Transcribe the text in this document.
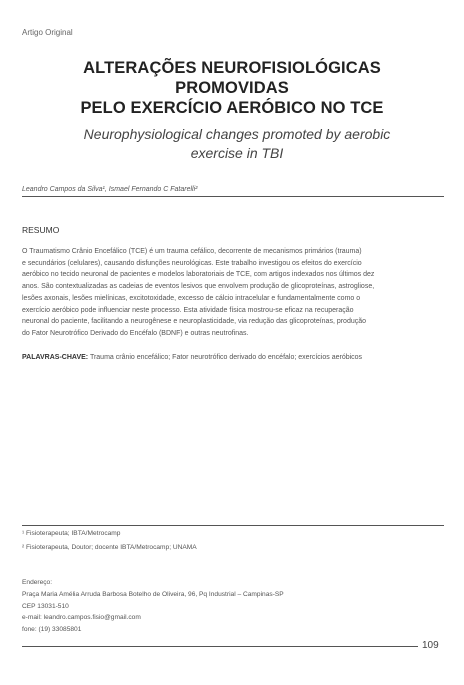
Artigo Original
ALTERAÇÕES NEUROFISIOLÓGICAS PROMOVIDAS
PELO EXERCÍCIO AERÓBICO NO TCE
Neurophysiological changes promoted by aerobic
exercise in TBI
Leandro Campos da Silva¹, Ismael Fernando C Fatarelli²
RESUMO
O Traumatismo Crânio Encefálico (TCE) é um trauma cefálico, decorrente de mecanismos primários (trauma)
e secundários (celulares), causando disfunções neurológicas. Este trabalho investigou os efeitos do exercício
aeróbico no tecido neuronal de pacientes e modelos laboratoriais de TCE, com artigos indexados nos últimos dez
anos. São contextualizadas as cadeias de eventos lesivos que envolvem produção de glicoproteínas, astrogliose,
lesões axonais, lesões mielínicas, excitotoxidade, excesso de cálcio intracelular e fundamentalmente como o
exercício aeróbico pode influenciar neste processo. Esta atividade física mostrou-se eficaz na recuperação
neuronal do paciente, facilitando a neurogênese e neuroplasticidade, via redução das glicoproteínas, produção
do Fator Neurotrófico Derivado do Encéfalo (BDNF) e outras neutrofinas.
PALAVRAS-CHAVE: Trauma crânio encefálico; Fator neurotrófico derivado do encéfalo; exercícios aeróbicos
¹ Fisioterapeuta; IBTA/Metrocamp
² Fisioterapeuta, Doutor; docente IBTA/Metrocamp; UNAMA
Endereço:
Praça Maria Amélia Arruda Barbosa Botelho de Oliveira, 96, Pq Industrial – Campinas-SP
CEP 13031-510
e-mail: leandro.campos.fisio@gmail.com
fone: (19) 33085801
109
